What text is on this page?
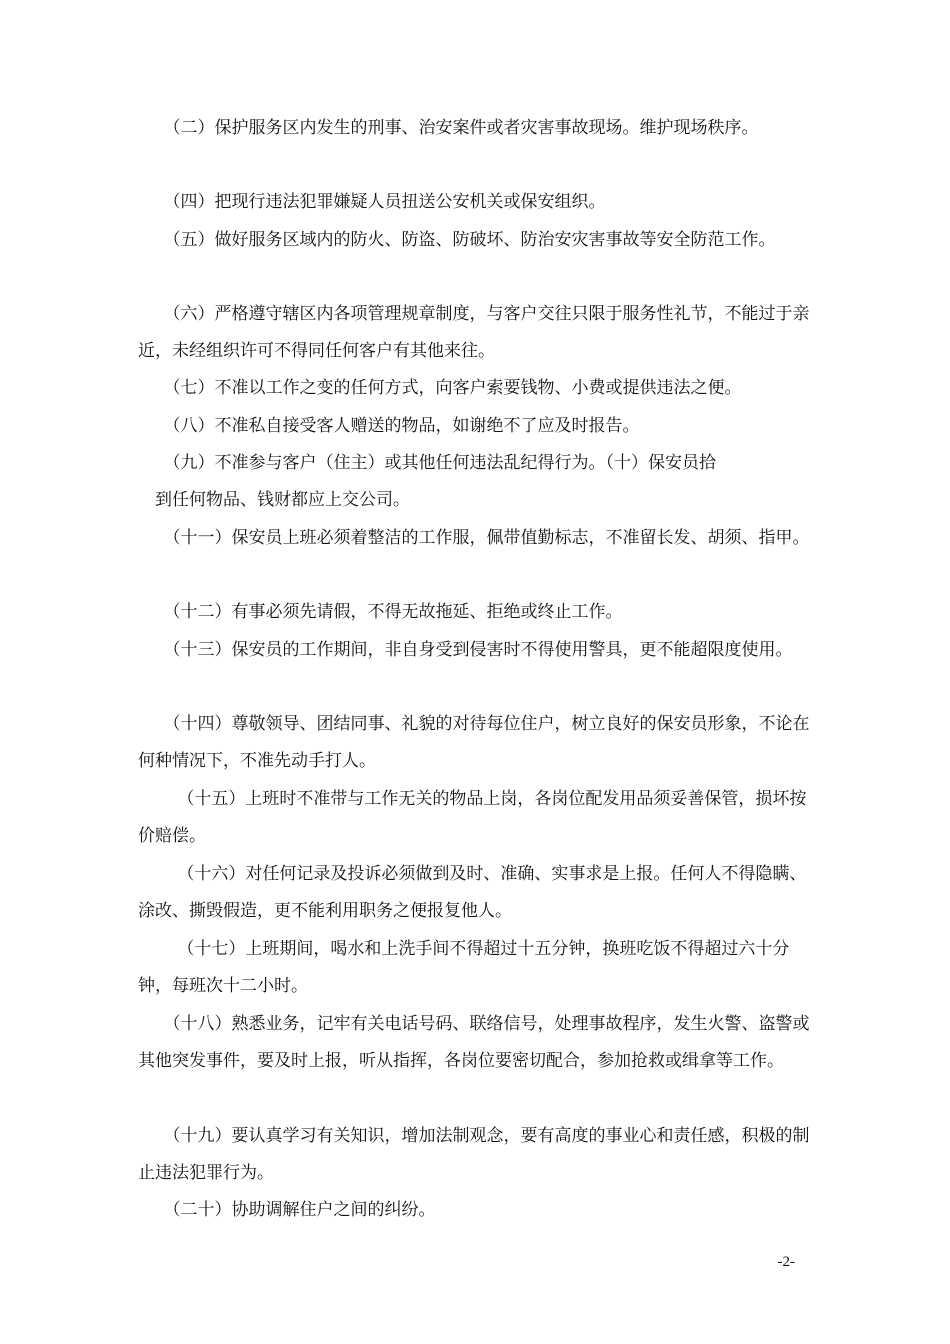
　　（二）保护服务区内发生的刑事、治安案件或者灾害事故现场。维护现场秩序。
　　（四）把现行违法犯罪嫌疑人员扭送公安机关或保安组织。
　　（五）做好服务区域内的防火、防盗、防破坏、防治安灾害事故等安全防范工作。
　　（六）严格遵守辖区内各项管理规章制度，与客户交往只限于服务性礼节，不能过于亲近，未经组织许可不得同任何客户有其他来往。
　　（七）不准以工作之变的任何方式，向客户索要钱物、小费或提供违法之便。
　　（八）不准私自接受客人赠送的物品，如谢绝不了应及时报告。
　　（九）不准参与客户（住主）或其他任何违法乱纪得行为。（十）保安员拾
　到任何物品、钱财都应上交公司。
　　（十一）保安员上班必须着整洁的工作服，佩带值勤标志，不准留长发、胡须、指甲。
　　（十二）有事必须先请假，不得无故拖延、拒绝或终止工作。
　　（十三）保安员的工作期间，非自身受到侵害时不得使用警具，更不能超限度使用。
　　（十四）尊敬领导、团结同事、礼貌的对待每位住户，树立良好的保安员形象，不论在何种情况下，不准先动手打人。
　　 （十五）上班时不准带与工作无关的物品上岗，各岗位配发用品须妥善保管，损坏按价赔偿。
　　 （十六）对任何记录及投诉必须做到及时、准确、实事求是上报。任何人不得隐瞒、涂改、撕毁假造，更不能利用职务之便报复他人。
　　 （十七）上班期间，喝水和上洗手间不得超过十五分钟，换班吃饭不得超过六十分钟，每班次十二小时。
　　（十八）熟悉业务，记牢有关电话号码、联络信号，处理事故程序，发生火警、盗警或其他突发事件，要及时上报，听从指挥，各岗位要密切配合，参加抢救或缉拿等工作。
　　（十九）要认真学习有关知识，增加法制观念，要有高度的事业心和责任感，积极的制止违法犯罪行为。
　　（二十）协助调解住户之间的纠纷。
-2-
